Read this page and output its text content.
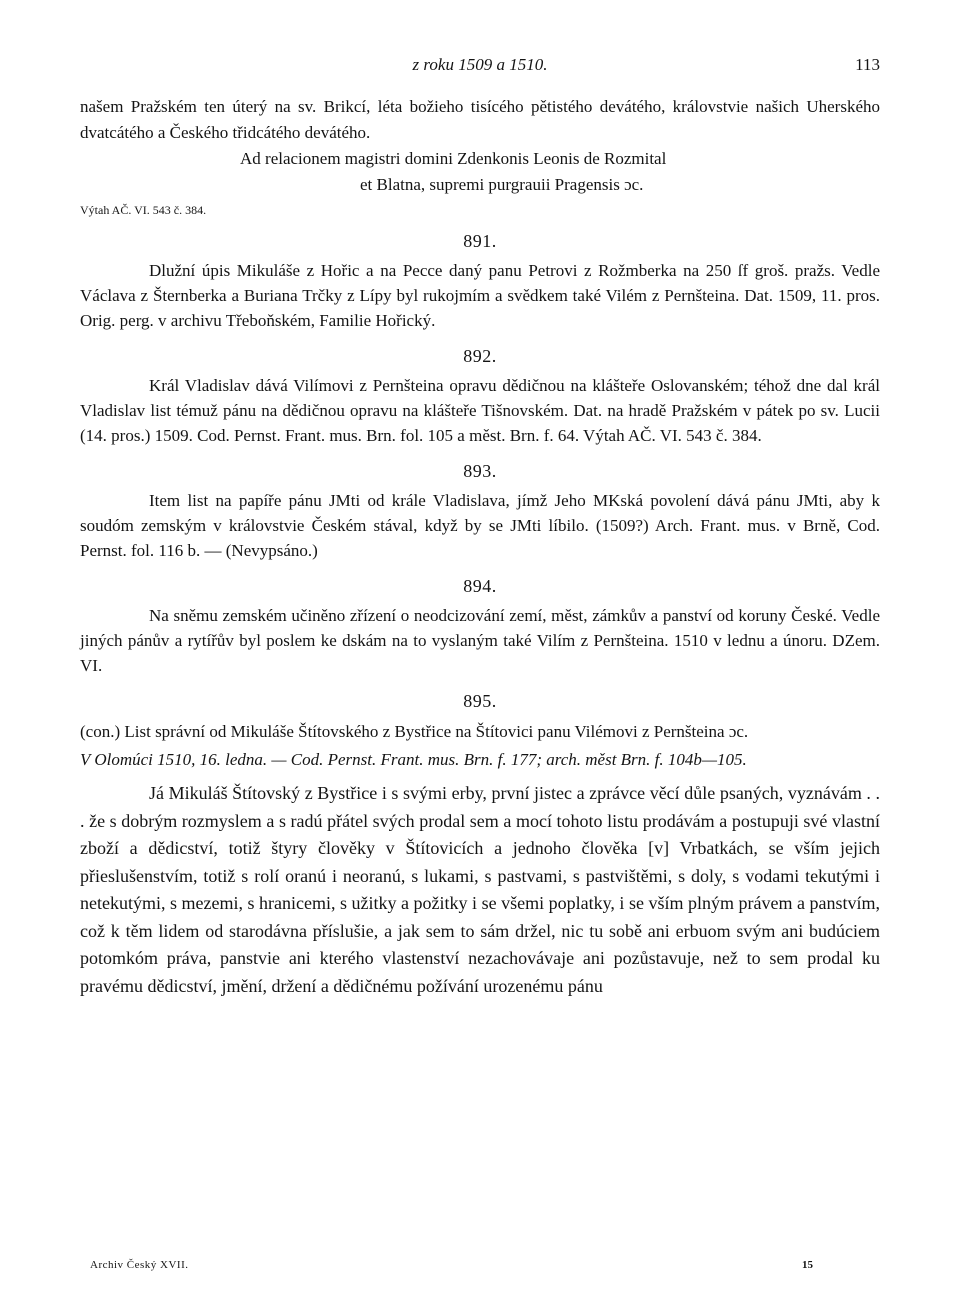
z roku 1509 a 1510.	113

našem Pražském ten úterý na sv. Brikcí, léta božieho tisícého pětistého devátého, královstvie našich Uherského dvatcátého a Českého třidcátého devátého.

Ad relacionem magistri domini Zdenkonis Leonis de Rozmital

et Blatna, supremi purgrauii Pragensis ɔc.

Výtah AČ. VI. 543 č. 384.

891.

Dlužní úpis Mikuláše z Hořic a na Pecce daný panu Petrovi z Rožmberka na 250 ſf groš. pražs. Vedle Václava z Šternberka a Buriana Trčky z Lípy byl rukojmím a svědkem také Vilém z Pernšteina. Dat. 1509, 11. pros. Orig. perg. v archivu Třeboňském, Familie Hořický.

892.

Král Vladislav dává Vilímovi z Pernšteina opravu dědičnou na klášteře Oslovanském; téhož dne dal král Vladislav list témuž pánu na dědičnou opravu na klášteře Tišnovském. Dat. na hradě Pražském v pátek po sv. Lucii (14. pros.) 1509. Cod. Pernst. Frant. mus. Brn. fol. 105 a měst. Brn. f. 64. Výtah AČ. VI. 543 č. 384.

893.

Item list na papíře pánu JMti od krále Vladislava, jímž Jeho MKská povolení dává pánu JMti, aby k soudóm zemským v královstvie Českém stával, když by se JMti líbilo. (1509?) Arch. Frant. mus. v Brně, Cod. Pernst. fol. 116 b. — (Nevypsáno.)

894.

Na sněmu zemském učiněno zřízení o neodcizování zemí, měst, zámkův a panství od koruny České. Vedle jiných pánův a rytířův byl poslem ke dskám na to vyslaným také Vilím z Pernšteina. 1510 v lednu a únoru. DZem. VI.

895.

(con.) List správní od Mikuláše Štítovského z Bystřice na Štítovici panu Vilémovi z Pernšteina ɔc.

V Olomúci 1510, 16. ledna. — Cod. Pernst. Frant. mus. Brn. f. 177; arch. měst Brn. f. 104b—105.

Já Mikuláš Štítovský z Bystřice i s svými erby, první jistec a zprávce věcí důle psaných, vyznávám . . . že s dobrým rozmyslem a s radú přátel svých prodal sem a mocí tohoto listu prodávám a postupuji své vlastní zboží a dědicství, totiž štyry člověky v Štítovicích a jednoho člověka [v] Vrbatkách, se vším jejich přieslušenstvím, totiž s rolí oranú i neoranú, s lukami, s pastvami, s pastvištěmi, s doly, s vodami tekutými i netekutými, s mezemi, s hranicemi, s užitky a požitky i se všemi poplatky, i se vším plným právem a panstvím, což k těm lidem od starodávna příslušie, a jak sem to sám držel, nic tu sobě ani erbuom svým ani budúciem potomkóm práva, panstvie ani kterého vlastenství nezachovávaje ani pozůstavuje, než to sem prodal ku pravému dědicství, jmění, držení a dědičnému požívání urozenému pánu

Archiv Český XVII.	15
